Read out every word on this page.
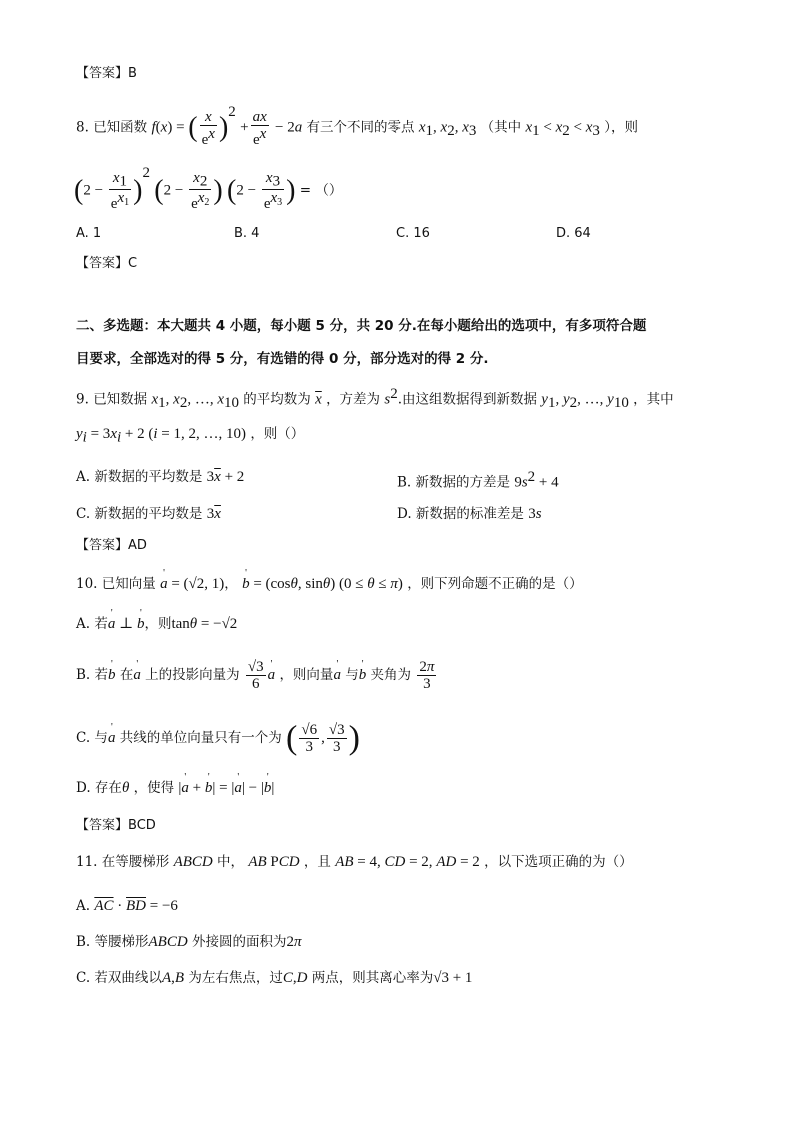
【答案】B
8. 已知函数 f(x) = ( $\frac{x}{e^x} )^2 + \frac{ax}{e^x} - 2a$ 有三个不同的零点 $x_1$, $x_2$, $x_3$ （其中 $x_1 < x_2 < x_3$ ），则
$(2 - \frac{x_1}{e^{x_1}} )^2$ ($2 - \frac{x_2}{e^{x_2}}$ ) ($2 - \frac{x_3}{e^{x_3}}$ ) = （）
A. 1	B. 4	C. 16	D. 64
【答案】C
二、多选题：本大题共 4 小题，每小题 5 分，共 20 分.在每小题给出的选项中，有多项符合题
目要求，全部选对的得 5 分，有选错的得 0 分，部分选对的得 2 分.
9. 已知数据 $x_1$, $x_2$, …, $x_{10}$ 的平均数为 $\overline{x}$ ，方差为 $s^2$.由这组数据得到新数据 $y_1$, $y_2$, …, $y_{10}$ ，其中
$y_i = 3x_i + 2$ (i = 1, 2, …, 10) ，则（）
A. 新数据的平均数是 $3\overline{x} + 2$	B. 新数据的方差是 $9s^2 + 4$
C. 新数据的平均数是 $3\overline{x}$	D. 新数据的标准差是 3s
【答案】AD
10. 已知向量 ' a = (√2, 1)， ' b = (cosθ, sinθ) (0 ≤ θ ≤ π) ，则下列命题不正确的是（）
A. 若' a ⊥ ' b，则tanθ = −√2
B. 若' b 在' a 上的投影向量为 $\frac{√3}{6}$ ' a ，则向量' a 与' b 夹角为 $\frac{2\pi}{3}$
C. 与' a 共线的单位向量只有一个为 ( $\frac{√6}{3}$ , $\frac{√3}{3}$ )
D. 存在θ ，使得 |' a + ' b| = |' a| − |' b|
【答案】BCD
11. 在等腰梯形 ABCD 中， AB PCD ，且 AB = 4, CD = 2, AD = 2 ，以下选项正确的为（）
A. $\overline{AC} \cdot \overline{BD} = -6$
B. 等腰梯形ABCD 外接圆的面积为2π
C. 若双曲线以A,B 为左右焦点，过C,D 两点，则其离心率为√3 + 1
